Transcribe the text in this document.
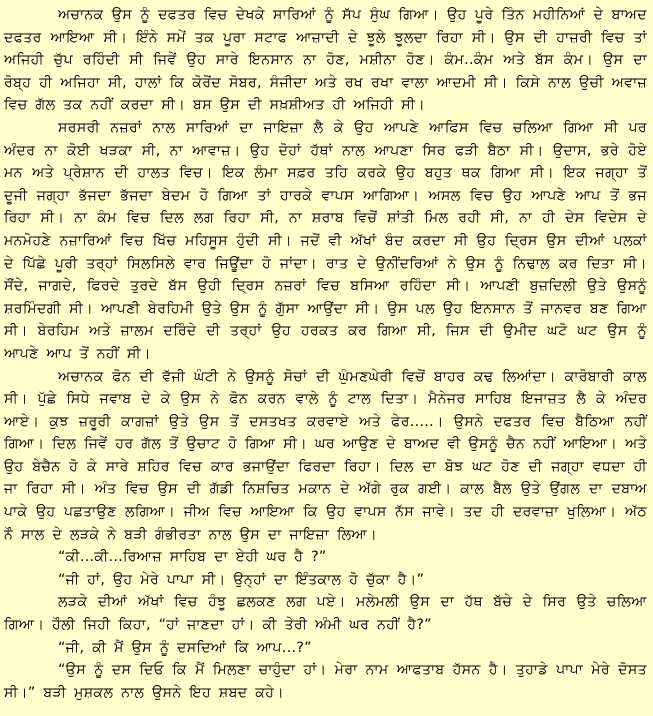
ਅਚਾਨਕ ਉਸ ਨੂੰ ਦਫਤਰ ਵਿਚ ਦੇਖਕੇ ਸਾਰਿਆਂ ਨੂੰ ਸੱਪ ਸੁੰਘ ਗਿਆ। ਉਹ ਪੂਰੇ ਤਿੰਨ ਮਹੀਨਿਆਂ ਦੇ ਬਾਅਦ ਦਫਤਰ ਆਇਆ ਸੀ। ਇੰਨੇ ਸਮੇਂ ਤਕ ਪੂਰਾ ਸਟਾਫ ਆਜ਼ਾਦੀ ਦੇ ਝੂਲੇ ਝੂਲਦਾ ਰਿਹਾ ਸੀ। ਉਸ ਦੀ ਹਾਜ਼ਰੀ ਵਿਚ ਤਾਂ ਅਜਿਹੀ ਚੁੱਪ ਰਹਿੰਦੀ ਸੀ ਜਿਵੇਂ ਉਹ ਸਾਰੇ ਇਨਸਾਨ ਨਾ ਹੋਣ, ਮਸ਼ੀਨਾ ਹੋਣ। ਕੰਮ..ਕੰਮ ਅਤੇ ਬੱਸ ਕੰਮ। ਉਸ ਦਾ ਰੋਬ੍ਹ ਹੀ ਅਜਿਹਾ ਸੀ, ਹਾਲਾਂ ਕਿ ਕੋਰੋਂਦ ਸੋਬਰ, ਸੰਜੀਦਾ ਅਤੇ ਰਖ ਰਖਾ ਵਾਲਾ ਆਦਮੀ ਸੀ। ਕਿਸੇ ਨਾਲ ਉਚੀ ਅਵਾਜ਼ ਵਿਚ ਗੱਲ ਤਕ ਨਹੀਂ ਕਰਦਾ ਸੀ। ਬਸ ਉਸ ਦੀ ਸਖ਼ਸ਼ੀਅਤ ਹੀ ਅਜਿਹੀ ਸੀ।

ਸਰਸਰੀ ਨਜ਼ਰਾਂ ਨਾਲ ਸਾਰਿਆਂ ਦਾ ਜਾਇਜ਼ਾ ਲੈ ਕੇ ਉਹ ਆਪਣੇ ਆਫਿਸ ਵਿਚ ਚਲਿਆ ਗਿਆ ਸੀ ਪਰ ਅੰਦਰ ਨਾ ਕੋਈ ਖੜਕਾ ਸੀ, ਨਾ ਆਵਾਜ਼। ਉਹ ਦੋਹਾਂ ਹੱਥਾਂ ਨਾਲ ਆਪਣਾ ਸਿਰ ਫੜੀ ਬੈਠਾ ਸੀ। ਉਦਾਸ, ਭਰੇ ਹੋਏ ਮਨ ਅਤੇ ਪ੍ਰੇਸ਼ਾਨ ਦੀ ਹਾਲਤ ਵਿਚ। ਇਕ ਲੰਮਾ ਸਫ਼ਰ ਤਹਿ ਕਰਕੇ ਉਹ ਬਹੁਤ ਥਕ ਗਿਆ ਸੀ। ਇਕ ਜਗ੍ਹਾ ਤੋਂ ਦੂਜੀ ਜਗ੍ਹਾ ਭੱਜਦਾ ਭੱਜਦਾ ਬੇਦਮ ਹੋ ਗਿਆ ਤਾਂ ਹਾਰਕੇ ਵਾਪਸ ਆਗਿਆ। ਅਸਲ ਵਿਚ ਉਹ ਆਪਣੇ ਆਪ ਤੋਂ ਭਜ ਰਿਹਾ ਸੀ। ਨਾ ਕੰਮ ਵਿਚ ਦਿਲ ਲਗ ਰਿਹਾ ਸੀ, ਨਾ ਸ਼ਰਾਬ ਵਿਚੋਂ ਸ਼ਾਂਤੀ ਮਿਲ ਰਹੀ ਸੀ, ਨਾ ਹੀ ਦੇਸ ਵਿਦੇਸ ਦੇ ਮਨਮੋਹਣੇ ਨਜ਼ਾਰਿਆਂ ਵਿਚ ਖਿੱਚ ਮਹਿਸੂਸ ਹੁੰਦੀ ਸੀ। ਜਦੋਂ ਵੀ ਅੱਖਾਂ ਬੰਦ ਕਰਦਾ ਸੀ ਉਹ ਦ੍ਰਿਸ ਉਸ ਦੀਆਂ ਪਲਕਾਂ ਦੇ ਪਿੱਛੇ ਪੂਰੀ ਤਰ੍ਹਾਂ ਸਿਲਸਿਲੇ ਵਾਰ ਜਿਊਂਦਾ ਹੋ ਜਾਂਦਾ। ਰਾਤ ਦੇ ਉਨੀਂਦਰਿਆਂ ਨੇ ਉਸ ਨੂੰ ਨਿਢਾਲ ਕਰ ਦਿਤਾ ਸੀ। ਸੌਂਦੇ, ਜਾਗਦੇ, ਫਿਰਦੇ ਤੁਰਦੇ ਬੱਸ ਉਹੀ ਦ੍ਰਿਸ ਨਜ਼ਰਾਂ ਵਿਚ ਬਸਿਆ ਰਹਿੰਦਾ ਸੀ। ਆਪਣੀ ਬੁਜ਼ਦਿਲੀ ਉਤੇ ਉਸਨੂੰ ਸ਼ਰਮਿੰਦਗੀ ਸੀ। ਆਪਣੀ ਬੇਰਹਿਮੀ ਉਤੇ ਉਸ ਨੂੰ ਗੁੱਸਾ ਆਉਂਦਾ ਸੀ। ਉਸ ਪਲ ਉਹ ਇਨਸਾਨ ਤੋਂ ਜਾਨਵਰ ਬਣ ਗਿਆ ਸੀ। ਬੇਰਹਿਮ ਅਤੇ ਜ਼ਾਲਮ ਦਰਿੰਦੇ ਦੀ ਤਰ੍ਹਾਂ ਉਹ ਹਰਕਤ ਕਰ ਗਿਆ ਸੀ, ਜਿਸ ਦੀ ਉਮੀਦ ਘਟੋ ਘਟ ਉਸ ਨੂੰ ਆਪਣੇ ਆਪ ਤੋਂ ਨਹੀਂ ਸੀ।

ਅਚਾਨਕ ਫੋਨ ਦੀ ਵੱਜੀ ਘੰਟੀ ਨੇ ਉਸਨੂੰ ਸੋਚਾਂ ਦੀ ਘੁੰਮਣਘੇਰੀ ਵਿਚੋਂ ਬਾਹਰ ਕਢ ਲਿਆਂਦਾ। ਕਾਰੋਬਾਰੀ ਕਾਲ ਸੀ। ਪੁੱਛੇ ਸਿਧੇ ਜਵਾਬ ਦੇ ਕੇ ਉਸ ਨੇ ਫੋਨ ਕਰਨ ਵਾਲੇ ਨੂੰ ਟਾਲ ਦਿਤਾ। ਮੈਨੇਜਰ ਸਾਹਿਬ ਇਜਾਜ਼ਤ ਲੈ ਕੇ ਅੰਦਰ ਆਏ। ਕੁਝ ਜ਼ਰੂਰੀ ਕਾਗਜ਼ਾਂ ਉਤੇ ਉਸ ਤੋਂ ਦਸਤਖਤ ਕਰਵਾਏ ਅਤੇ ਫੇਰ.....। ਉਸਨੇ ਦਫਤਰ ਵਿਚ ਬੈਠਿਆ ਨਹੀਂ ਗਿਆ। ਦਿਲ ਜਿਵੇਂ ਹਰ ਗੱਲ ਤੋਂ ਉਚਾਟ ਹੋ ਗਿਆ ਸੀ। ਘਰ ਆਉਣ ਦੇ ਬਾਅਦ ਵੀ ਉਸਨੂੰ ਚੈਨ ਨਹੀਂ ਆਇਆ। ਅਤੇ ਉਹ ਬੇਚੈਨ ਹੋ ਕੇ ਸਾਰੇ ਸ਼ਹਿਰ ਵਿਚ ਕਾਰ ਭਜਾਉਂਦਾ ਫਿਰਦਾ ਰਿਹਾ। ਦਿਲ ਦਾ ਬੋਝ ਘਟ ਹੋਣ ਦੀ ਜਗ੍ਹਾ ਵਧਦਾ ਹੀ ਜਾ ਰਿਹਾ ਸੀ। ਅੰਤ ਵਿਚ ਉਸ ਦੀ ਗੱਡੀ ਨਿਸ਼ਚਿਤ ਮਕਾਨ ਦੇ ਅੱਗੇ ਰੁਕ ਗਈ। ਕਾਲ ਬੈਲ ਉਤੇ ਉਂਗਲ ਦਾ ਦਬਾਅ ਪਾਕੇ ਉਹ ਪਛਤਾਉਣ ਲਗਿਆ। ਜੀਅ ਵਿਚ ਆਇਆ ਕਿ ਉਹ ਵਾਪਸ ਨੱਸ ਜਾਵੇ। ਤਦ ਹੀ ਦਰਵਾਜ਼ਾ ਖੁਲਿਆ। ਅੱਠ ਨੌ ਸਾਲ ਦੇ ਲੜਕੇ ਨੇ ਬੜੀ ਗੰਭੀਰਤਾ ਨਾਲ ਉਸ ਦਾ ਜਾਇਜ਼ਾ ਲਿਆ।

“ਕੀ...ਕੀ...ਰਿਆਜ਼ ਸਾਹਿਬ ਦਾ ਏਹੀ ਘਰ ਹੈ ?”

“ਜੀ ਹਾਂ, ਉਹ ਮੇਰੇ ਪਾਪਾ ਸੀ। ਉਨ੍ਹਾਂ ਦਾ ਇੰਤਕਾਲ ਹੋ ਚੁੱਕਾ ਹੈ।”

ਲੜਕੇ ਦੀਆਂ ਅੱਖਾਂ ਵਿਚ ਹੰਝੂ ਛਲਕਣ ਲਗ ਪਏ। ਮਲੇਮਲੀ ਉਸ ਦਾ ਹੱਥ ਬੱਚੇ ਦੇ ਸਿਰ ਉਤੇ ਚਲਿਆ ਗਿਆ। ਹੌਲੀ ਜਿਹੀ ਕਿਹਾ, “ਹਾਂ ਜਾਣਦਾ ਹਾਂ। ਕੀ ਤੇਰੀ ਅੰਮੀ ਘਰ ਨਹੀਂ ਹੈ?”

“ਜੀ, ਕੀ ਮੈਂ ਉਸ ਨੂੰ ਦਸਦਿਆਂ ਕਿ ਆਪ...?”

“ਉਸ ਨੂੰ ਦਸ ਦਿਓ ਕਿ ਮੈਂ ਮਿਲਣਾ ਚਾਹੁੰਦਾ ਹਾਂ। ਮੇਰਾ ਨਾਮ ਆਫਤਾਬ ਹੱਸਨ ਹੈ। ਤੁਹਾਡੇ ਪਾਪਾ ਮੇਰੇ ਦੋਸਤ ਸੀ।” ਬੜੀ ਮੁਸ਼ਕਲ ਨਾਲ ਉਸਨੇ ਇਹ ਸ਼ਬਦ ਕਹੇ।
